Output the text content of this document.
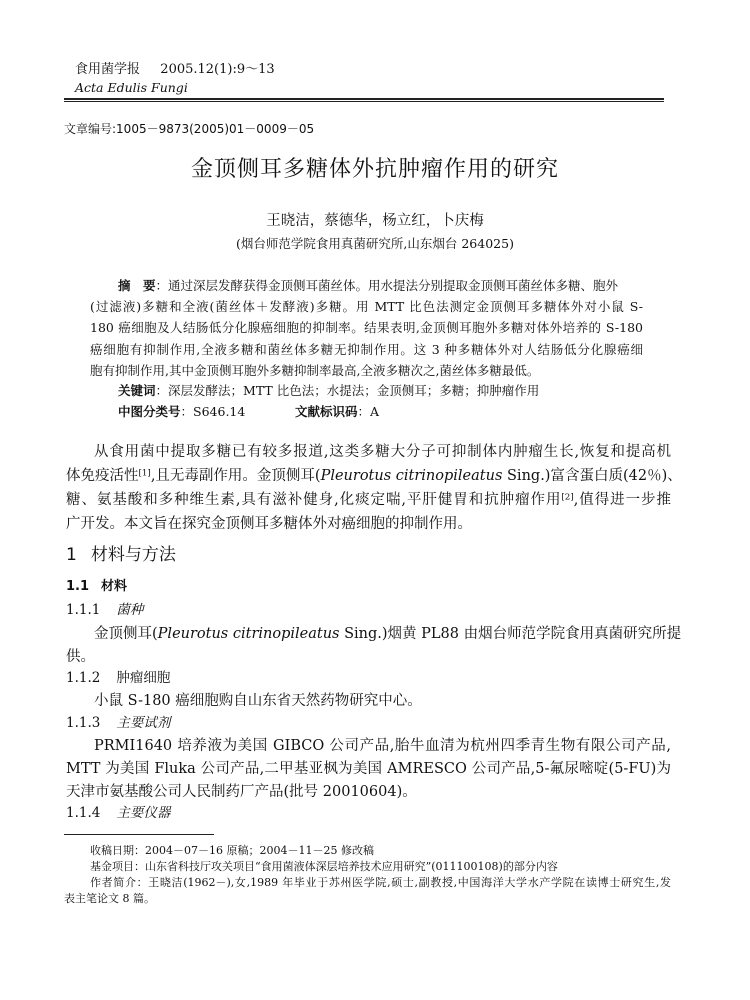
食用菌学报 2005.12(1):9～13
Acta Edulis Fungi
文章编号:1005－9873(2005)01－0009－05
金顶侧耳多糖体外抗肿瘤作用的研究
王晓洁，蔡德华，杨立红，卜庆梅
(烟台师范学院食用真菌研究所,山东烟台 264025)
摘　要：通过深层发酵获得金顶侧耳菌丝体。用水提法分别提取金顶侧耳菌丝体多糖、胞外
(过滤液)多糖和全液(菌丝体＋发酵液)多糖。用 MTT 比色法测定金顶侧耳多糖体外对小鼠 S-
180 癌细胞及人结肠低分化腺癌细胞的抑制率。结果表明,金顶侧耳胞外多糖对体外培养的 S-180
癌细胞有抑制作用,全液多糖和菌丝体多糖无抑制作用。这 3 种多糖体外对人结肠低分化腺癌细
胞有抑制作用,其中金顶侧耳胞外多糖抑制率最高,全液多糖次之,菌丝体多糖最低。
关键词：深层发酵法；MTT 比色法；水提法；金顶侧耳；多糖；抑肿瘤作用
中图分类号：S646.14	文献标识码：A
从食用菌中提取多糖已有较多报道,这类多糖大分子可抑制体内肿瘤生长,恢复和提高机
体免疫活性[1],且无毒副作用。金顶侧耳(Pleurotus citrinopileatus Sing.)富含蛋白质(42％)、
糖、氨基酸和多种维生素,具有滋补健身,化痰定喘,平肝健胃和抗肿瘤作用[2],值得进一步推
广开发。本文旨在探究金顶侧耳多糖体外对癌细胞的抑制作用。
1 材料与方法
1.1 材料
1.1.1 菌种
金顶侧耳(Pleurotus citrinopileatus Sing.)烟黄 PL88 由烟台师范学院食用真菌研究所提
供。
1.1.2 肿瘤细胞
小鼠 S-180 癌细胞购自山东省天然药物研究中心。
1.1.3 主要试剂
PRMI1640 培养液为美国 GIBCO 公司产品,胎牛血清为杭州四季青生物有限公司产品,
MTT 为美国 Fluka 公司产品,二甲基亚枫为美国 AMRESCO 公司产品,5-氟尿嘧啶(5-FU)为
天津市氨基酸公司人民制药厂产品(批号 20010604)。
1.1.4 主要仪器
收稿日期：2004－07－16 原稿；2004－11－25 修改稿
基金项目：山东省科技厅攻关项目“食用菌液体深层培养技术应用研究”(011100108)的部分内容
作者简介：王晓洁(1962－),女,1989 年毕业于苏州医学院,硕士,副教授,中国海洋大学水产学院在读博士研究生,发
表主笔论文 8 篇。
